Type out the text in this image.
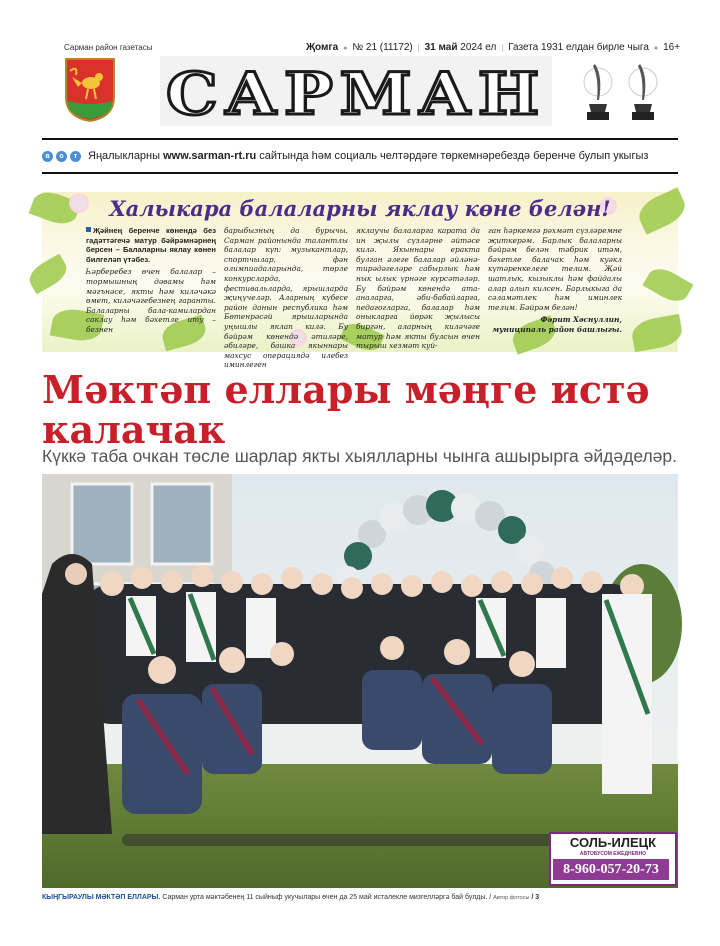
Сарман район газетасы	Җомга ● № 21 (11172) | 31 май 2024 ел | Газета 1931 елдан бирле чыга ● 16+
САРМАН
в	о	т Яңалыкларны
www.sarman-rt.ru
сайтында һәм социаль челтәрдәге төркемнәребездә беренче булып укыгыз
Халыкара балаларны яклау көне белән!

Җәйнең беренче көнендә без гадәттәгечә матур бәйрәмнәрнең берсен – Балаларны яклау көнен билгеләп үтәбез.

Һәрберебез өчен балалар – тормышның дәвамы һәм мәгънәсе, якты һәм киләчәкә өмет, киләчәгебезнең гаранты. Балаларны бала-камилардан саклау һәм бәхетле иту – безнен

барыбызның да бурычы. Сарман районында талантлы балалар күп: музыкантлар, спортчылар, фән олимпиадаларында, төрле конкурсларда, фестивальларда, ярышларда җиңүчеләр. Аларның күбесе район данын республика һәм Бөтенрәсәй ярышларында уңышлы яклап килә. Бу бәйрәм көнендә әтиләре, әбиләре, башка якыннары махсус операциядә илебез иминлеген

яклаучы балаларга карата да ин җылы сүзләрне әйтәсе килә. Якыннары еракта булган әлеге балалар әйләнә-тирәдәгеләре сабырлык һәм нык ылык үрнәге күрсәтәләр. Бу бәйрәм көнендә ата-аналарга, әби-бабайларга, педагогларга, балалар һәм оныкларга йөрәк җылысы биргән, аларның киләчәге матур һәм якты булсын өчен тырыш хезмәт куй-

ган һәркемгә рәхмәт сүзләремне җиткерәм. Барлык балаларны бәйрәм белән тәбрик итәм, бәхетле балачак һәм куәкл күтәренкелеге телим. Җәй шатлык, кызыклы һәм файдалы алар алып килсен. Барлыкыга да сәламәтлек һәм иминлек телим. Бәйрәм белән!

Фәрит Хәснуллин, муниципаль район башлыгы.

Мәктәп еллары мәңге истә калачак
Күккә таба очкан төсле шарлар якты хыялларны чынга ашырырга әйдәделәр.
СОЛЬ-ИЛЕЦК
АВТОБУСОМ ЕЖЕДНЕВНО
8-960-057-20-73
КЫҢГЫРАУЛЫ МӘКТӘП ЕЛЛАРЫ. Сарман урта мәктәбенең 11 сыйныф укучылары өчен да 25 май исталекле мизгелләргә бай булды. / Автор фотосы / 3
